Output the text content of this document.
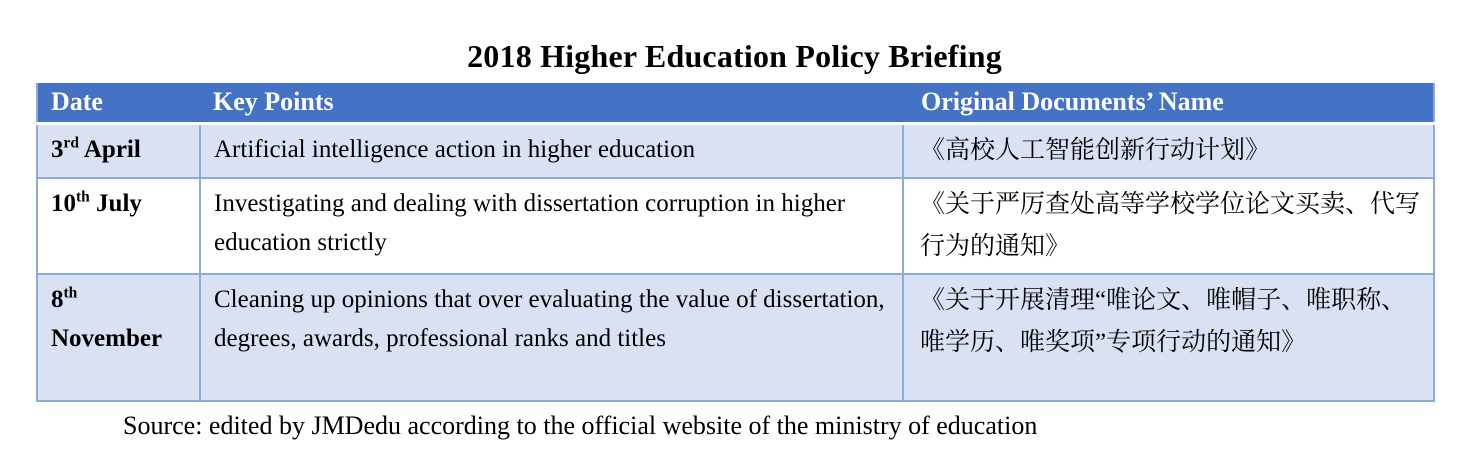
2018 Higher Education Policy Briefing
Date	Key Points	Original Documents’ Name
3rd April	Artificial intelligence action in higher education	《高校人工智能创新行动计划》
10th July	Investigating and dealing with dissertation corruption in higher education strictly	《关于严厉查处高等学校学位论文买卖、代写行为的通知》
8th November	Cleaning up opinions that over evaluating the value of dissertation, degrees, awards, professional ranks and titles	《关于开展清理“唯论文、唯帽子、唯职称、唯学历、唯奖项”专项行动的通知》
Source: edited by JMDedu according to the official website of the ministry of education
